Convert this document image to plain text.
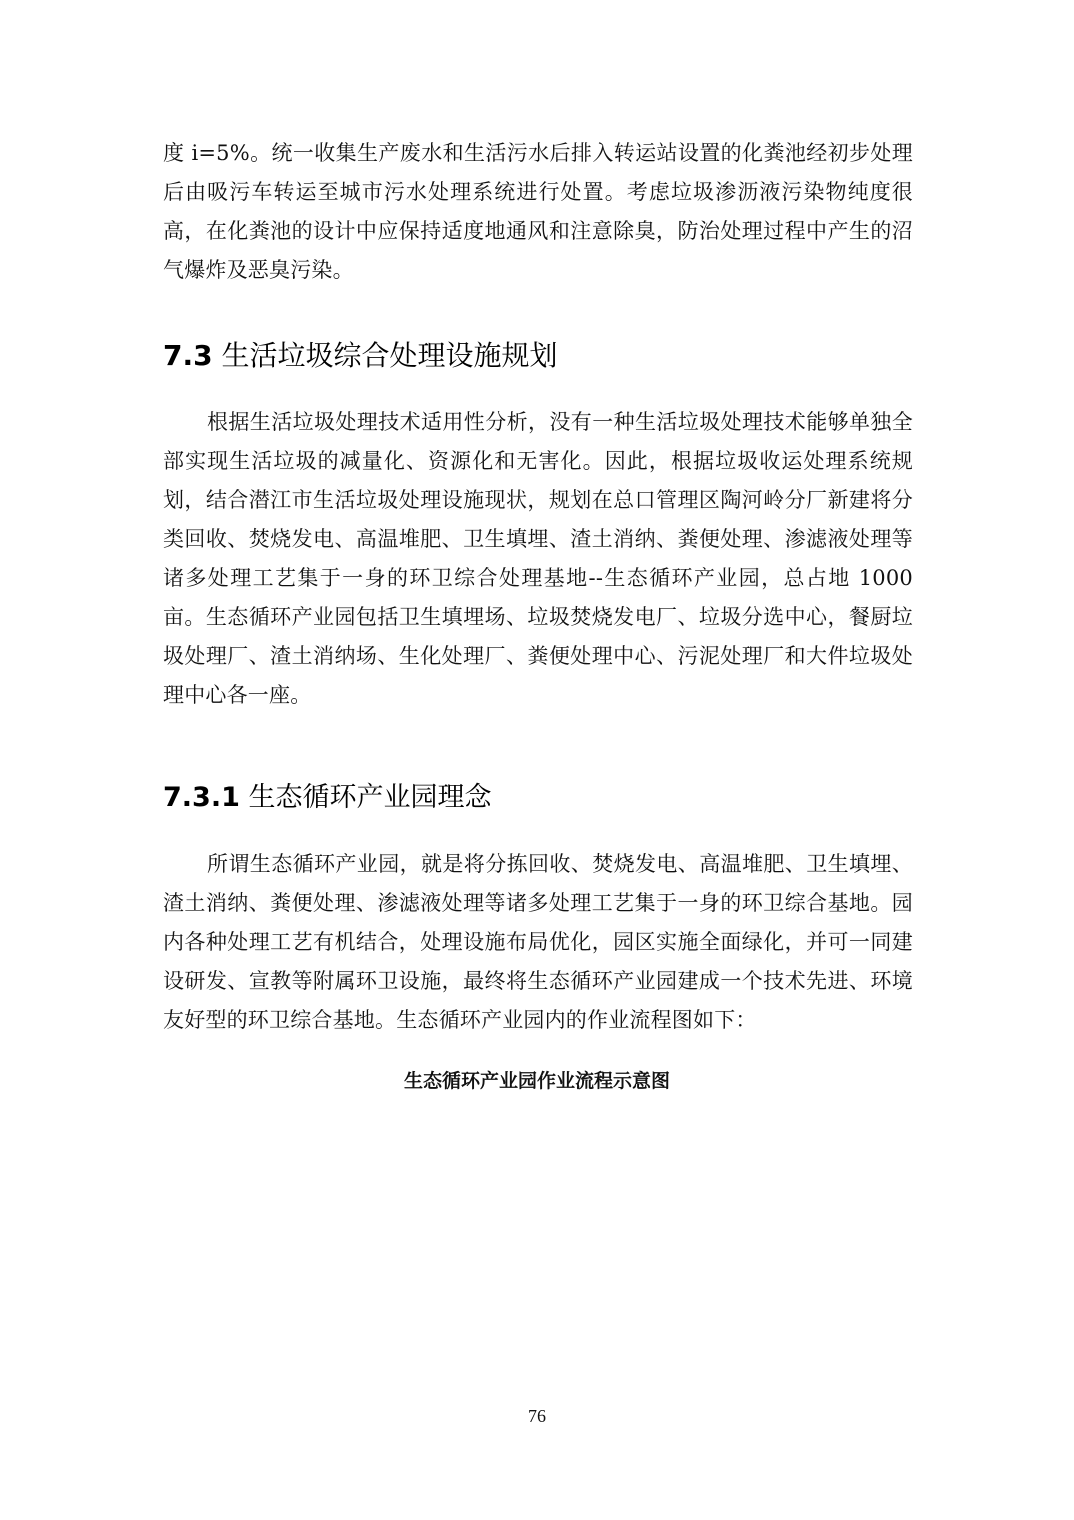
度 i=5%。统一收集生产废水和生活污水后排入转运站设置的化粪池经初步处理后由吸污车转运至城市污水处理系统进行处置。考虑垃圾渗沥液污染物纯度很高，在化粪池的设计中应保持适度地通风和注意除臭，防治处理过程中产生的沼气爆炸及恶臭污染。

7.3 生活垃圾综合处理设施规划

根据生活垃圾处理技术适用性分析，没有一种生活垃圾处理技术能够单独全部实现生活垃圾的减量化、资源化和无害化。因此，根据垃圾收运处理系统规划，结合潜江市生活垃圾处理设施现状，规划在总口管理区陶河岭分厂新建将分类回收、焚烧发电、高温堆肥、卫生填埋、渣土消纳、粪便处理、渗滤液处理等诸多处理工艺集于一身的环卫综合处理基地--生态循环产业园，总占地 1000 亩。生态循环产业园包括卫生填埋场、垃圾焚烧发电厂、垃圾分选中心，餐厨垃圾处理厂、渣土消纳场、生化处理厂、粪便处理中心、污泥处理厂和大件垃圾处理中心各一座。

7.3.1 生态循环产业园理念

所谓生态循环产业园，就是将分拣回收、焚烧发电、高温堆肥、卫生填埋、渣土消纳、粪便处理、渗滤液处理等诸多处理工艺集于一身的环卫综合基地。园内各种处理工艺有机结合，处理设施布局优化，园区实施全面绿化，并可一同建设研发、宣教等附属环卫设施，最终将生态循环产业园建成一个技术先进、环境友好型的环卫综合基地。生态循环产业园内的作业流程图如下：

生态循环产业园作业流程示意图

76
